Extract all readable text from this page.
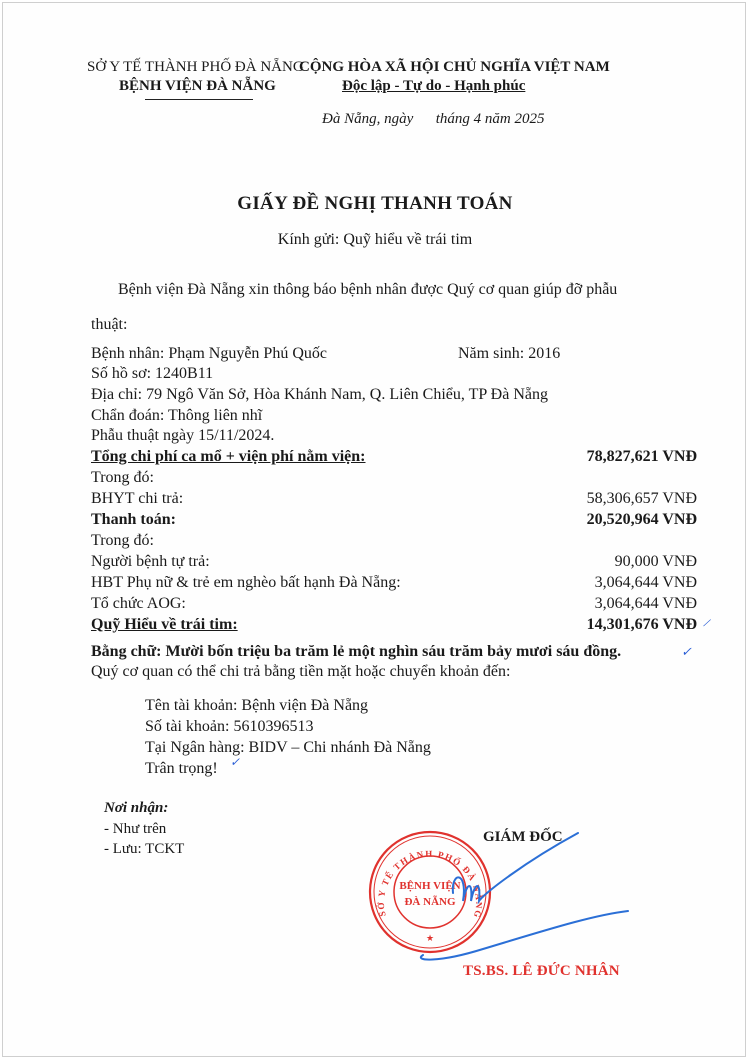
SỞ Y TẾ THÀNH PHỐ ĐÀ NẴNG
BỆNH VIỆN ĐÀ NẴNG
CỘNG HÒA XÃ HỘI CHỦ NGHĨA VIỆT NAM
Độc lập - Tự do - Hạnh phúc
Đà Nẵng, ngày      tháng 4 năm 2025
GIẤY ĐỀ NGHỊ THANH TOÁN
Kính gửi: Quỹ hiểu về trái tim
Bệnh viện Đà Nẵng xin thông báo bệnh nhân được Quý cơ quan giúp đỡ phẫu
thuật:
Bệnh nhân: Phạm Nguyễn Phú Quốc	Năm sinh: 2016
Số hồ sơ: 1240B11
Địa chỉ: 79 Ngô Văn Sở, Hòa Khánh Nam, Q. Liên Chiểu, TP Đà Nẵng
Chẩn đoán: Thông liên nhĩ
Phẫu thuật ngày 15/11/2024.
Tổng chi phí ca mổ + viện phí nằm viện:	78,827,621 VNĐ
Trong đó:
BHYT chi trả:	58,306,657 VNĐ
Thanh toán:	20,520,964 VNĐ
Trong đó:
Người bệnh tự trả:	90,000 VNĐ
HBT Phụ nữ & trẻ em nghèo bất hạnh Đà Nẵng:	3,064,644 VNĐ
Tổ chức AOG:	3,064,644 VNĐ
Quỹ Hiểu về trái tim:	14,301,676 VNĐ /
Bằng chữ: Mười bốn triệu ba trăm lẻ một nghìn sáu trăm bảy mươi sáu đồng.	✓
Quý cơ quan có thể chi trả bằng tiền mặt hoặc chuyển khoản đến:
Tên tài khoản: Bệnh viện Đà Nẵng
Số tài khoản: 5610396513
Tại Ngân hàng: BIDV – Chi nhánh Đà Nẵng
Trân trọng! ✓
Nơi nhận:
- Như trên
- Lưu: TCKT
GIÁM ĐỐC
SỞ Y TẾ THÀNH PHỐ ĐÀ NẴNG
BỆNH VIỆN
ĐÀ NẴNG
★
TS.BS. LÊ ĐỨC NHÂN
